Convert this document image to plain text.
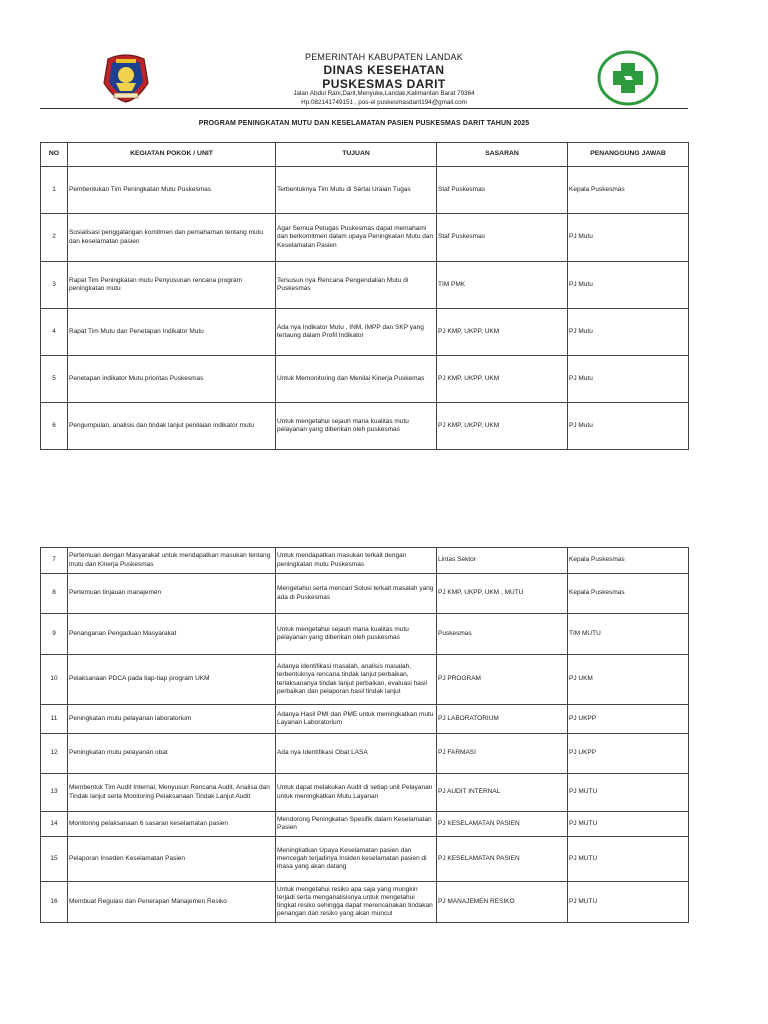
PEMERINTAH KABUPATEN LANDAK
DINAS KESEHATAN
PUSKESMAS DARIT
Jalan Abdul Rani,Darit,Menyuke,Landak,Kalimantan Barat 79364
Hp.082141749151 , pos-el puskesmasdarit194@gmail.com
PROGRAM PENINGKATAN MUTU DAN KESELAMATAN PASIEN PUSKESMAS DARIT TAHUN 2025
NO	KEGIATAN POKOK / UNIT	TUJUAN	SASARAN	PENANGGUNG JAWAB
1	Pembentukan Tim Peningkatan Mutu Puskesmas	Terbentuknya Tim Mutu di Sertai Uraian Tugas	Staf Puskesmas	Kepala Puskesmas
2	Sosialisasi penggalangan komitmen dan pemahaman tentang mutu dan keselamatan pasien	Agar Semua Petugas Puskesmas dapat memahami dan berkomitmen dalam upaya Peningkatan Mutu dan Keselamatan Pasien	Staf Puskesmas	PJ Mutu
3	Rapat Tim Peningkatan mutu Penyusunan rencana program peningkatan mutu	Tersusun nya Rencana Pengendalian Mutu di Puskesmas	TIM PMK	PJ Mutu
4	Rapat Tim Mutu dan Penetapan Indikator Mutu	Ada nya Indikator Mutu , INM, IMPP dan SKP yang tertaung dalam Profil Indikator	PJ KMP, UKPP, UKM	PJ Mutu
5	Penetapan indikator Mutu prioritas Puskesmas	Untuk Memonitoring dan Menilai Kinerja Puskemas	PJ KMP, UKPP, UKM	PJ Mutu
6	Pengumpulan, analisis dan tindak lanjut penilaian indikator mutu	Untuk mengetahui sejauh mana kualitas mutu pelayanan yang diberikan oleh puskesmas	PJ KMP, UKPP, UKM	PJ Mutu
7	Pertemuan dengan Masyarakat untuk mendapatkan masukan tentang mutu dan Kinerja Puskesmas	Untuk mendapatkan masukan terkait dengan peningkatan mutu Puskesmas	Lintas Sektor	Kepala Puskesmas
8	Pertemuan tinjauan manajemen	Mengetahui serta mencari Solusi terkait masalah yang ada di Puskesmas	PJ KMP, UKPP, UKM , MUTU	Kepala Puskesmas
9	Penanganan Pengaduan Masyarakat	Untuk mengetahui sejauh mana kualitas mutu pelayanan yang diberikan oleh puskesmas	Puskesmas	TIM MUTU
10	Pelaksanaan PDCA pada tiap-tiap program UKM	Adanya identifikasi masalah, analisis masalah, terbentuknya rencana tindak lanjut perbaikan, terlaksananya tindak lanjut perbaikan, evaluasi hasil perbaikan dan pelaporan hasil tindak lanjut	PJ PROGRAM	PJ UKM
11	Peningkatan mutu pelayanan laboratorium	Adanya Hasil PMI dan PME untuk meningkatkan mutu Layanan Laboratorium	PJ LABORATORIUM	PJ UKPP
12	Peningkatan mutu pelayanan obat	Ada nya Identifikasi Obat LASA	PJ FARMASI	PJ UKPP
13	Membentuk Tim Audit Internal, Menyusun Rencana Audit, Analisa dan Tindak lanjut serta Monitoring Pelaksanaan Tindak Lanjut Audit	Untuk dapat melakukan Audit di setiap unit Pelayanan untuk meningkatkan Mutu Layanan	PJ AUDIT INTERNAL	PJ MUTU
14	Monitoring pelaksanaan 6 sasaran keselamatan pasien	Mendorong Peningkatan Spesifik dalam Keselamatan Pasien	PJ KESELAMATAN PASIEN	PJ MUTU
15	Pelaporan Inseden Keselamatan Pasien	Meningkatkan Upaya Keselamatan pasien dan mencegah terjadinya Insiden keselamatan pasien di masa yang akan datang	PJ KESELAMATAN PASIEN	PJ MUTU
16	Membuat Regulasi dan Penerapan Manajemen Resiko	Untuk mengetahui resiko apa saja yang mungkin terjadi serta menganalisisnya untuk mengetahui tingkat resiko sehingga dapat merencanakan tindakan penangan dari resiko yang akan muncul	PJ MANAJEMEN RESIKO	PJ MUTU
